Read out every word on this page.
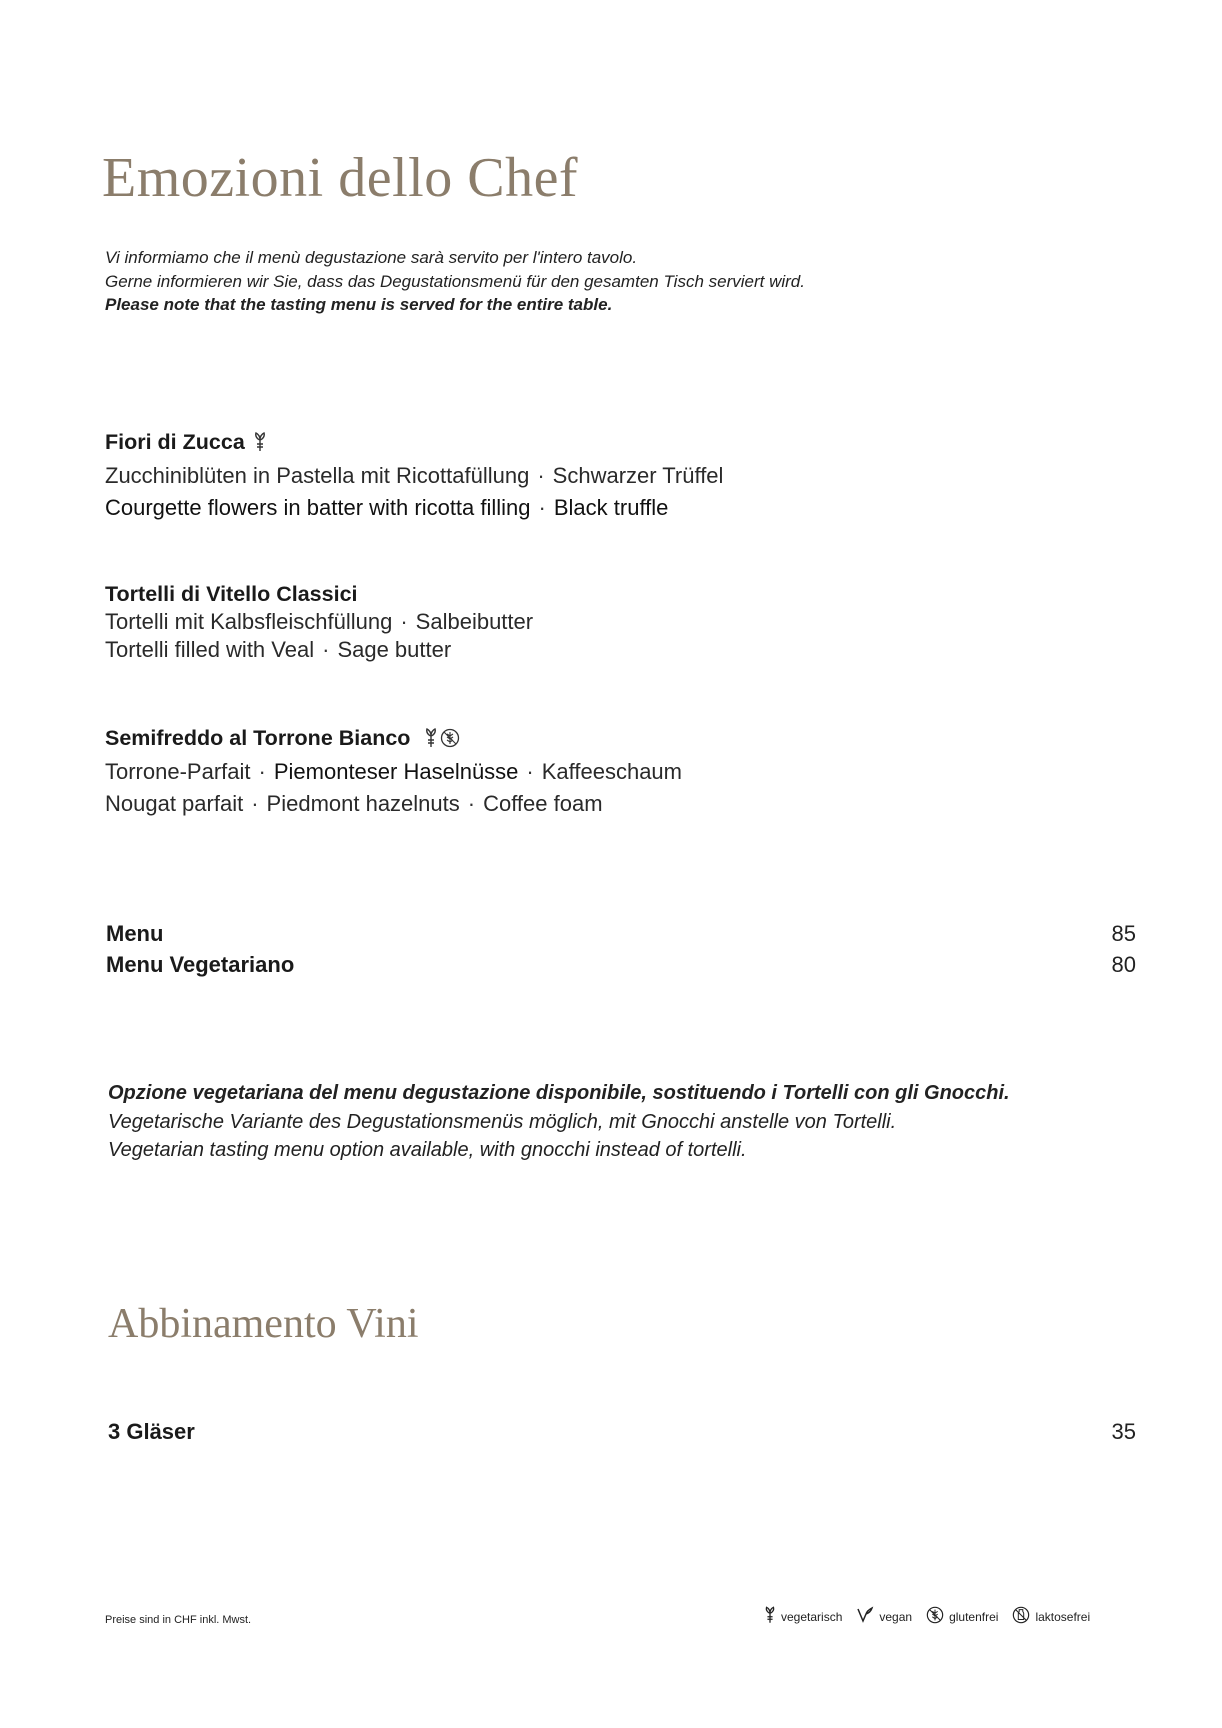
Emozioni dello Chef
Vi informiamo che il menù degustazione sarà servito per l'intero tavolo.
Gerne informieren wir Sie, dass das Degustationsmenü für den gesamten Tisch serviert wird.
Please note that the tasting menu is served for the entire table.
Fiori di Zucca
Zucchiniblüten in Pastella mit Ricottafüllung · Schwarzer Trüffel
Courgette flowers in batter with ricotta filling · Black truffle
Tortelli di Vitello Classici
Tortelli mit Kalbsfleischfüllung · Salbeibutter
Tortelli filled with Veal · Sage butter
Semifreddo al Torrone Bianco
Torrone-Parfait · Piemonteser Haselnüsse · Kaffeeschaum
Nougat parfait · Piedmont hazelnuts · Coffee foam
Menu	85
Menu Vegetariano	80
Opzione vegetariana del menu degustazione disponibile, sostituendo i Tortelli con gli Gnocchi.
Vegetarische Variante des Degustationsmenüs möglich, mit Gnocchi anstelle von Tortelli.
Vegetarian tasting menu option available, with gnocchi instead of tortelli.
Abbinamento Vini
3 Gläser	35
Preise sind in CHF inkl. Mwst.	vegetarisch	vegan	glutenfrei	laktosefrei
